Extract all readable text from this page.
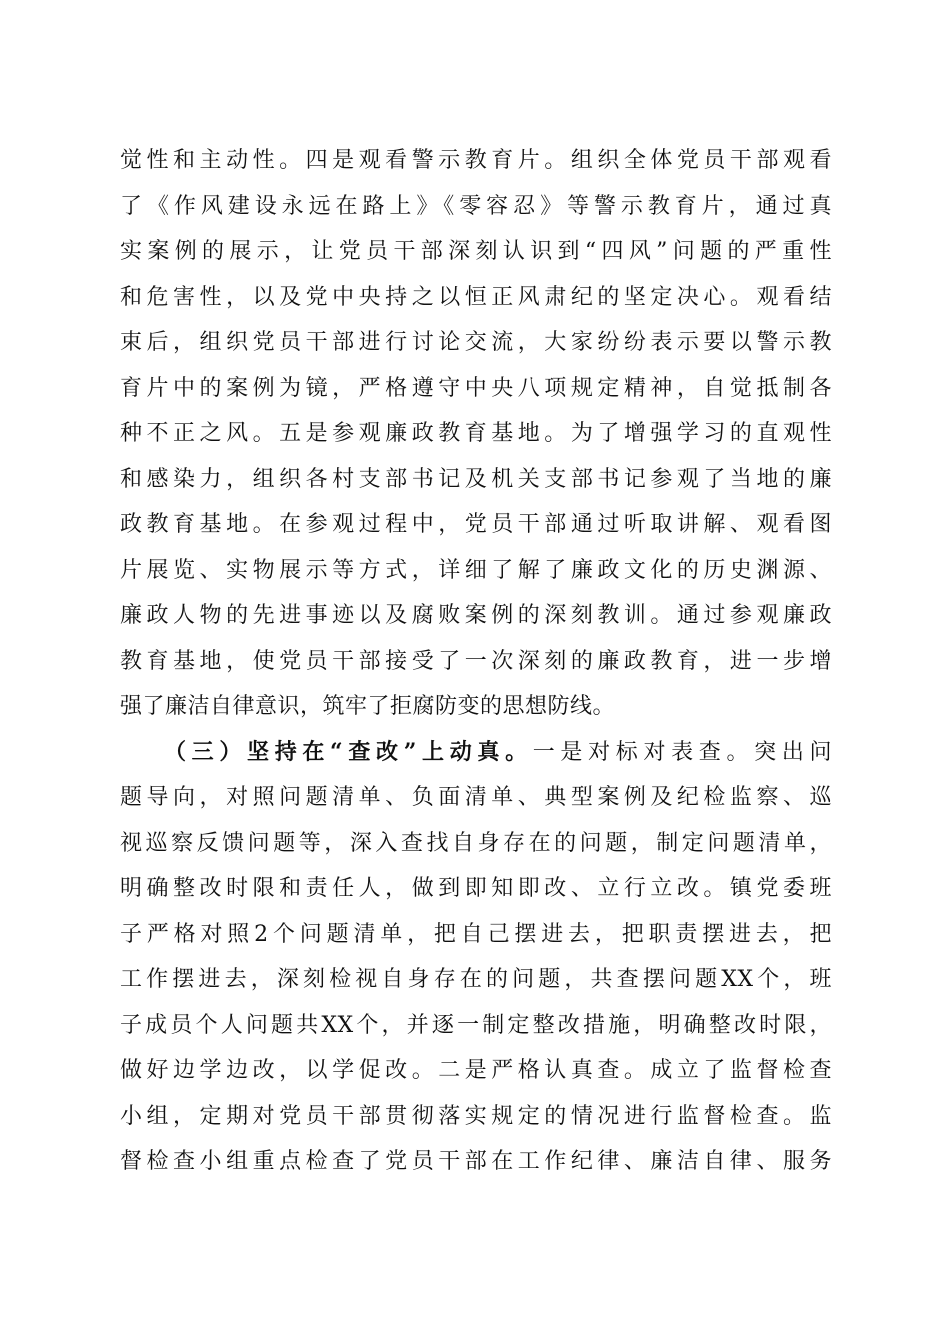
觉性和主动性。四是观看警示教育片。组织全体党员干部观看
了《作风建设永远在路上》《零容忍》等警示教育片，通过真
实案例的展示，让党员干部深刻认识到“四风”问题的严重性
和危害性，以及党中央持之以恒正风肃纪的坚定决心。观看结
束后，组织党员干部进行讨论交流，大家纷纷表示要以警示教
育片中的案例为镜，严格遵守中央八项规定精神，自觉抵制各
种不正之风。五是参观廉政教育基地。为了增强学习的直观性
和感染力，组织各村支部书记及机关支部书记参观了当地的廉
政教育基地。在参观过程中，党员干部通过听取讲解、观看图
片展览、实物展示等方式，详细了解了廉政文化的历史渊源、
廉政人物的先进事迹以及腐败案例的深刻教训。通过参观廉政
教育基地，使党员干部接受了一次深刻的廉政教育，进一步增
强了廉洁自律意识，筑牢了拒腐防变的思想防线。
（三）坚持在“查改”上动真。一是对标对表查。突出问
题导向，对照问题清单、负面清单、典型案例及纪检监察、巡
视巡察反馈问题等，深入查找自身存在的问题，制定问题清单，
明确整改时限和责任人，做到即知即改、立行立改。镇党委班
子严格对照2个问题清单，把自己摆进去，把职责摆进去，把
工作摆进去，深刻检视自身存在的问题，共查摆问题XX个，班
子成员个人问题共XX个，并逐一制定整改措施，明确整改时限，
做好边学边改，以学促改。二是严格认真查。成立了监督检查
小组，定期对党员干部贯彻落实规定的情况进行监督检查。监
督检查小组重点检查了党员干部在工作纪律、廉洁自律、服务
